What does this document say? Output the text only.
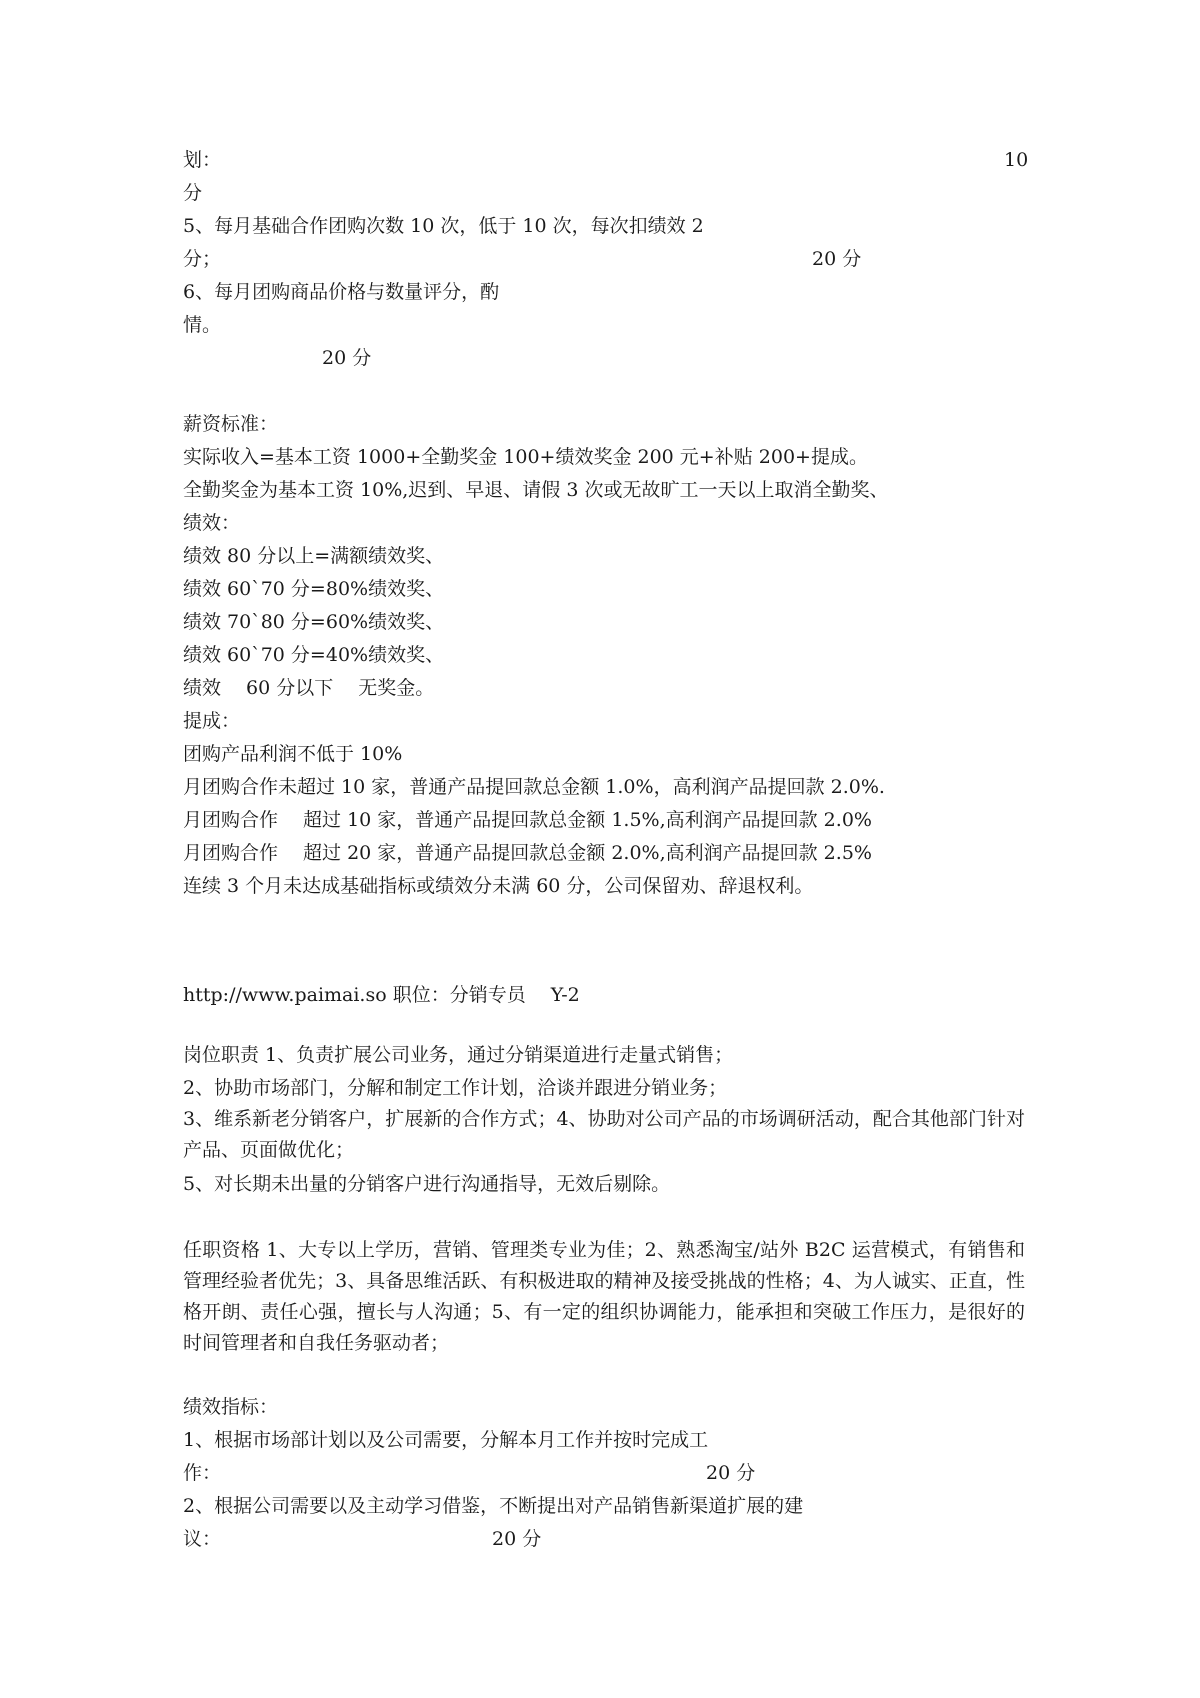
划：	10
分
5、每月基础合作团购次数 10 次，低于 10 次，每次扣绩效 2
分；	20 分
6、每月团购商品价格与数量评分，酌
情。
20 分
薪资标准：
实际收入=基本工资 1000+全勤奖金 100+绩效奖金 200 元+补贴 200+提成。
全勤奖金为基本工资 10%,迟到、早退、请假 3 次或无故旷工一天以上取消全勤奖、
绩效：
绩效 80 分以上=满额绩效奖、
绩效 60`70 分=80%绩效奖、
绩效 70`80 分=60%绩效奖、
绩效 60`70 分=40%绩效奖、
绩效　 60 分以下　 无奖金。
提成：
团购产品利润不低于 10%
月团购合作未超过 10 家，普通产品提回款总金额 1.0%，高利润产品提回款 2.0%.
月团购合作　 超过 10 家，普通产品提回款总金额 1.5%,高利润产品提回款 2.0%
月团购合作　 超过 20 家，普通产品提回款总金额 2.0%,高利润产品提回款 2.5%
连续 3 个月未达成基础指标或绩效分未满 60 分，公司保留劝、辞退权利。
http://www.paimai.so 职位：分销专员　 Y-2
岗位职责 1、负责扩展公司业务，通过分销渠道进行走量式销售；
2、协助市场部门，分解和制定工作计划，洽谈并跟进分销业务；
3、维系新老分销客户，扩展新的合作方式；4、协助对公司产品的市场调研活动，配合其他部门针对产品、页面做优化；
5、对长期未出量的分销客户进行沟通指导，无效后剔除。
任职资格 1、大专以上学历，营销、管理类专业为佳；2、熟悉淘宝/站外 B2C 运营模式，有销售和管理经验者优先；3、具备思维活跃、有积极进取的精神及接受挑战的性格；4、为人诚实、正直，性格开朗、责任心强，擅长与人沟通；5、有一定的组织协调能力，能承担和突破工作压力，是很好的时间管理者和自我任务驱动者；
绩效指标：
1、根据市场部计划以及公司需要，分解本月工作并按时完成工
作：	20 分
2、根据公司需要以及主动学习借鉴，不断提出对产品销售新渠道扩展的建
议：	20 分
